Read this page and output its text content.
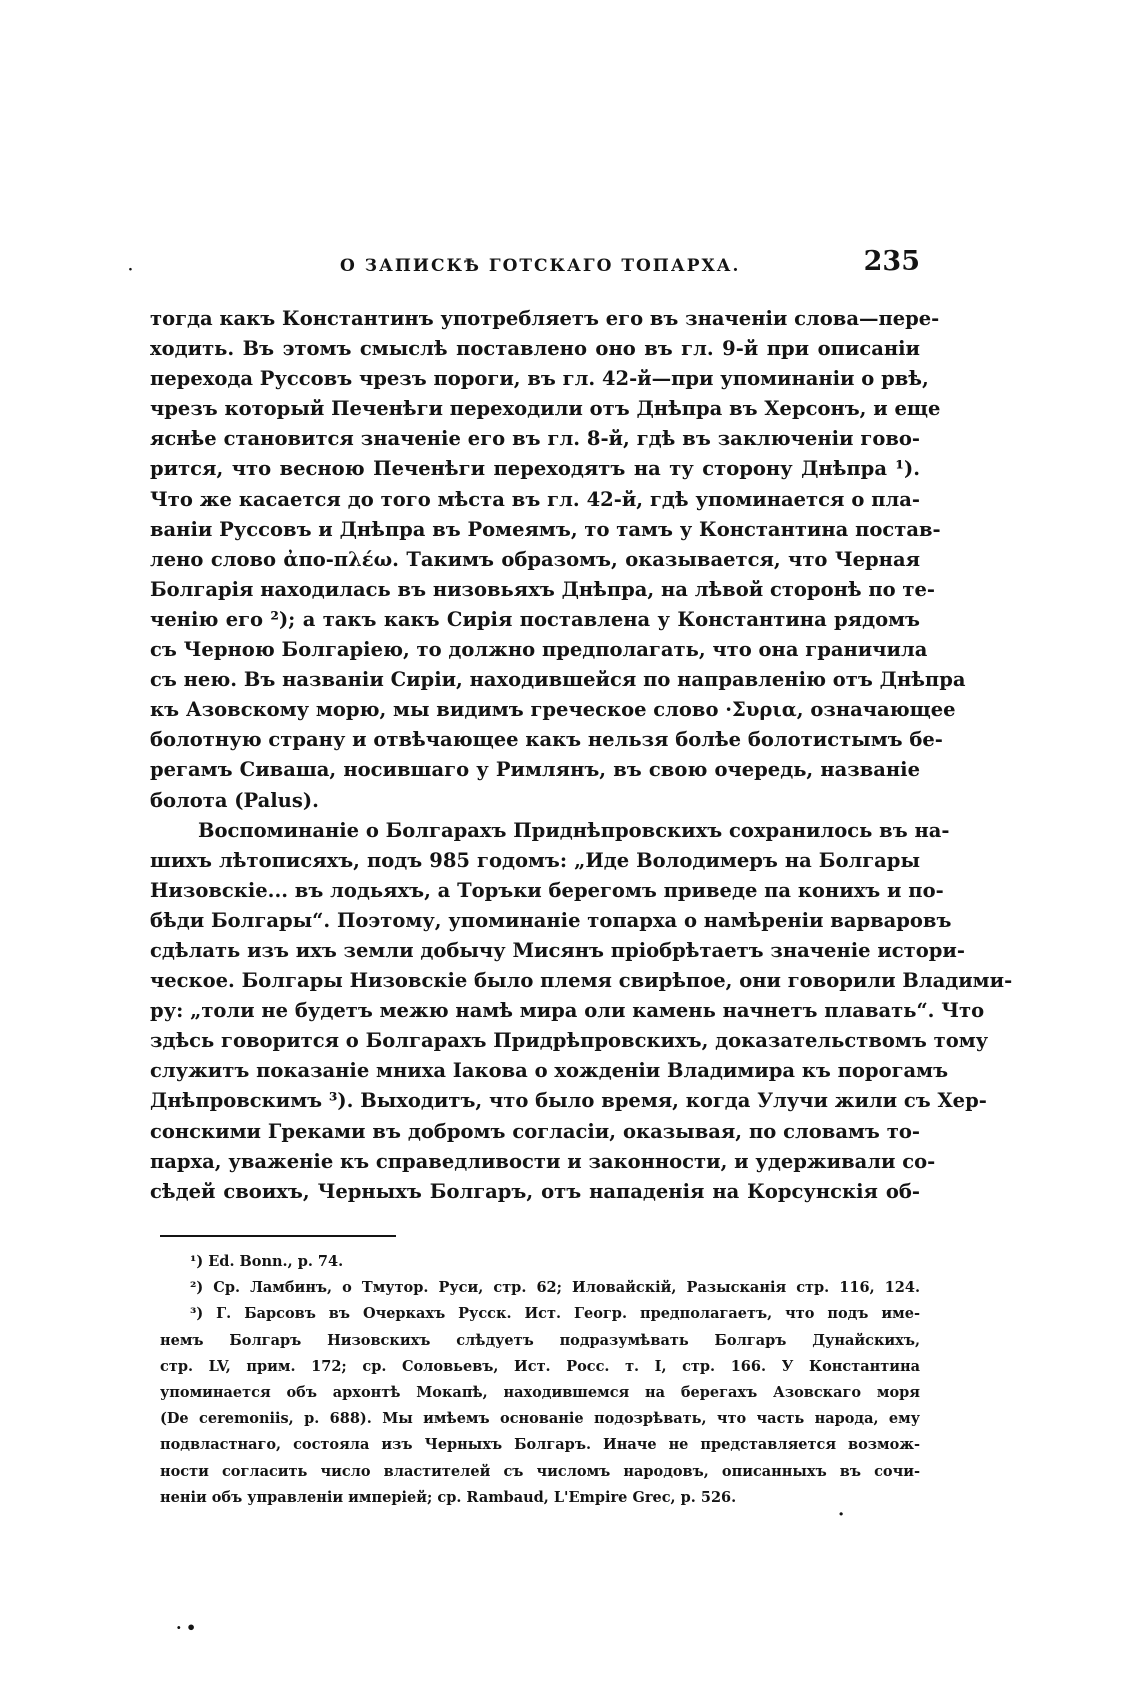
О ЗАПИСКѢ ГОТСКАГО ТОПАРХА.	235
·
тогда какъ Константинъ употребляетъ его въ значенiи слова—пере-
ходить. Въ этомъ смыслѣ поставлено оно въ гл. 9-й при описанiи
перехода Руссовъ чрезъ пороги, въ гл. 42-й—при упоминанiи о рвѣ,
чрезъ который Печенѣги переходили отъ Днѣпра въ Херсонъ, и еще
яснѣе становится значенiе его въ гл. 8-й, гдѣ въ заключенiи гово-
рится, что весною Печенѣги переходятъ на ту сторону Днѣпра ¹).
Что же касается до того мѣста въ гл. 42-й, гдѣ упоминается о пла-
ванiи Руссовъ и Днѣпра въ Ромеямъ, то тамъ у Константина постав-
лено слово ἀπο-πλέω. Такимъ образомъ, оказывается, что Черная
Болгарiя находилась въ низовьяхъ Днѣпра, на лѣвой сторонѣ по те-
ченiю его ²); а такъ какъ Сирiя поставлена у Константина рядомъ
съ Черною Болгарiею, то должно предполагать, что она граничила
съ нею. Въ названiи Сирiи, находившейся по направленiю отъ Днѣпра
къ Азовскому морю, мы видимъ греческое слово ·Συρια, означающее
болотную страну и отвѣчающее какъ нельзя болѣе болотистымъ бе-
регамъ Сиваша, носившаго у Римлянъ, въ свою очередь, названiе
болота (Palus).
Воспоминанiе о Болгарахъ Приднѣпровскихъ сохранилось въ на-
шихъ лѣтописяхъ, подъ 985 годомъ: „Иде Володимеръ на Болгары
Низовскiе... въ лодьяхъ, а Торъки берегомъ приведе па конихъ и по-
бѣди Болгары“. Поэтому, упоминанiе топарха о намѣренiи варваровъ
сдѣлать изъ ихъ земли добычу Мисянъ прiобрѣтаетъ значенiе истори-
ческое. Болгары Низовскiе было племя свирѣпое, они говорили Владими-
ру: „толи не будетъ межю намѣ мира оли камень начнетъ плавать“. Что
здѣсь говорится о Болгарахъ Придрѣпровскихъ, доказательствомъ тому
служитъ показанiе мниха Iакова о хожденiи Владимира къ порогамъ
Днѣпровскимъ ³). Выходитъ, что было время, когда Улучи жили съ Хер-
сонскими Греками въ добромъ согласiи, оказывая, по словамъ то-
парха, уваженiе къ справедливости и законности, и удерживали со-
сѣдей своихъ, Черныхъ Болгаръ, отъ нападенiя на Корсунскiя об-
¹) Ed. Bonn., p. 74.
²) Ср. Ламбинъ, о Тмутор. Руси, стр. 62; Иловайскiй, Разысканiя стр. 116, 124.
³) Г. Барсовъ въ Очеркахъ Русск. Ист. Геогр. предполагаетъ, что подъ име-
немъ Болгаръ Низовскихъ слѣдуетъ подразумѣвать Болгаръ Дунайскихъ,
стр. LV, прим. 172; ср. Соловьевъ, Ист. Росс. т. I, стр. 166. У Константина
упоминается объ архонтѣ Мокапѣ, находившемся на берегахъ Азовскаго моря
(De ceremoniis, p. 688). Мы имѣемъ основанiе подозрѣвать, что часть народа, ему
подвластнаго, состояла изъ Черныхъ Болгаръ. Иначе не представляется возмож-
ности согласить число властителей съ числомъ народовъ, описанныхъ въ сочи-
ненiи объ управленiи имперiей; ср. Rambaud, L'Empire Grec, p. 526.
·
· •
